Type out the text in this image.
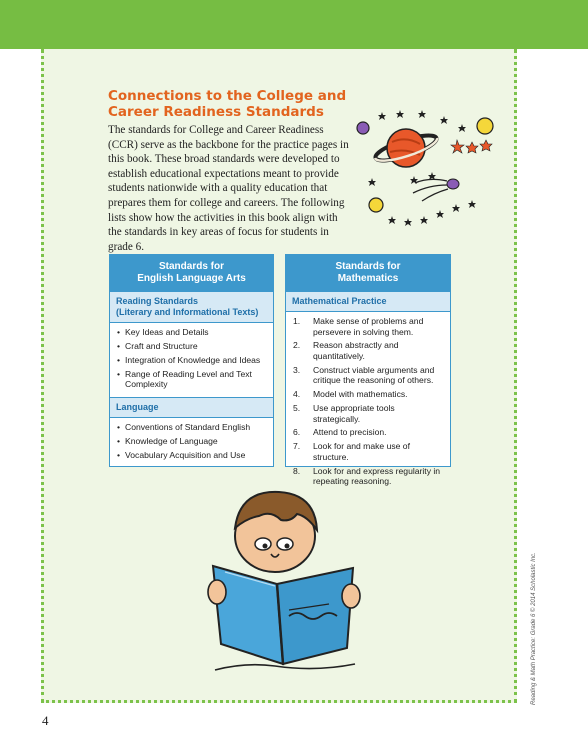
Connections to the College and
Career Readiness Standards

The standards for College and Career Readiness (CCR) serve as the backbone for the practice pages in this book. These broad standards were developed to establish educational expectations meant to provide students nationwide with a quality education that prepares them for college and careers. The following lists show how the activities in this book align with the standards in key areas of focus for students in grade 6.

Standards for
English Language Arts
Reading Standards
(Literary and Informational Texts)
• Key Ideas and Details
• Craft and Structure
• Integration of Knowledge and Ideas
• Range of Reading Level and Text Complexity
Language
• Conventions of Standard English
• Knowledge of Language
• Vocabulary Acquisition and Use
Standards for
Mathematics
Mathematical Practice
1. Make sense of problems and persevere in solving them.
2. Reason abstractly and quantitatively.
3. Construct viable arguments and critique the reasoning of others.
4. Model with mathematics.
5. Use appropriate tools strategically.
6. Attend to precision.
7. Look for and make use of structure.
8. Look for and express regularity in repeating reasoning.
4
Reading & Math Practice: Grade 6 © 2014 Scholastic Inc.
